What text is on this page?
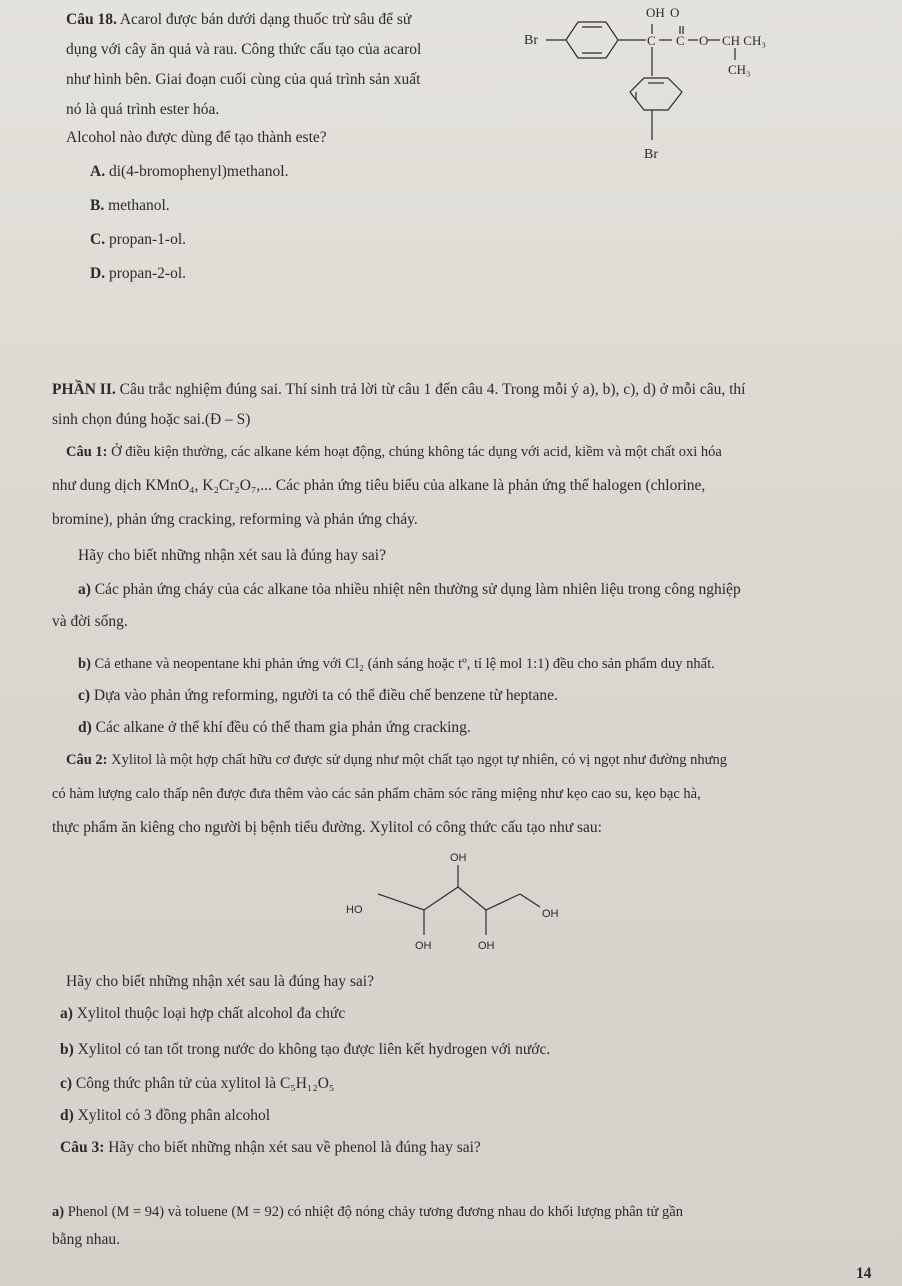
Câu 18. Acarol được bán dưới dạng thuốc trừ sâu để sử
dụng với cây ăn quả và rau. Công thức cấu tạo của acarol
như hình bên. Giai đoạn cuối cùng của quá trình sản xuất
nó là quá trình ester hóa.
Alcohol nào được dùng để tạo thành este?
A. di(4-bromophenyl)methanol.
B. methanol.
C. propan-1-ol.
D. propan-2-ol.
Br
OH O
C C O CH CH₃
CH₃
Br
PHẦN II. Câu trắc nghiệm đúng sai. Thí sinh trả lời từ câu 1 đến câu 4. Trong mỗi ý a), b), c), d) ở mỗi câu, thí
sinh chọn đúng hoặc sai.(Đ – S)
Câu 1: Ở điều kiện thường, các alkane kém hoạt động, chúng không tác dụng với acid, kiềm và một chất oxi hóa
như dung dịch KMnO₄, K₂Cr₂O₇,... Các phản ứng tiêu biểu của alkane là phản ứng thế halogen (chlorine,
bromine), phản ứng cracking, reforming và phản ứng cháy.
Hãy cho biết những nhận xét sau là đúng hay sai?
a) Các phản ứng cháy của các alkane tỏa nhiều nhiệt nên thường sử dụng làm nhiên liệu trong công nghiệp
và đời sống.
b) Cả ethane và neopentane khi phản ứng với Cl₂ (ánh sáng hoặc tº, tỉ lệ mol 1:1) đều cho sản phẩm duy nhất.
c) Dựa vào phản ứng reforming, người ta có thể điều chế benzene từ heptane.
d) Các alkane ở thể khí đều có thể tham gia phản ứng cracking.
Câu 2: Xylitol là một hợp chất hữu cơ được sử dụng như một chất tạo ngọt tự nhiên, có vị ngọt như đường nhưng
có hàm lượng calo thấp nên được đưa thêm vào các sản phẩm chăm sóc răng miệng như kẹo cao su, kẹo bạc hà,
thực phẩm ăn kiêng cho người bị bệnh tiểu đường. Xylitol có công thức cấu tạo như sau:
OH
HO	OH
OH	OH
Hãy cho biết những nhận xét sau là đúng hay sai?
a) Xylitol thuộc loại hợp chất alcohol đa chức
b) Xylitol có tan tốt trong nước do không tạo được liên kết hydrogen với nước.
c) Công thức phân tử của xylitol là C₅H₁₂O₅
d) Xylitol có 3 đồng phân alcohol
Câu 3: Hãy cho biết những nhận xét sau về phenol là đúng hay sai?
a) Phenol (M = 94) và toluene (M = 92) có nhiệt độ nóng chảy tương đương nhau do khối lượng phân tử gần
bằng nhau.
14
